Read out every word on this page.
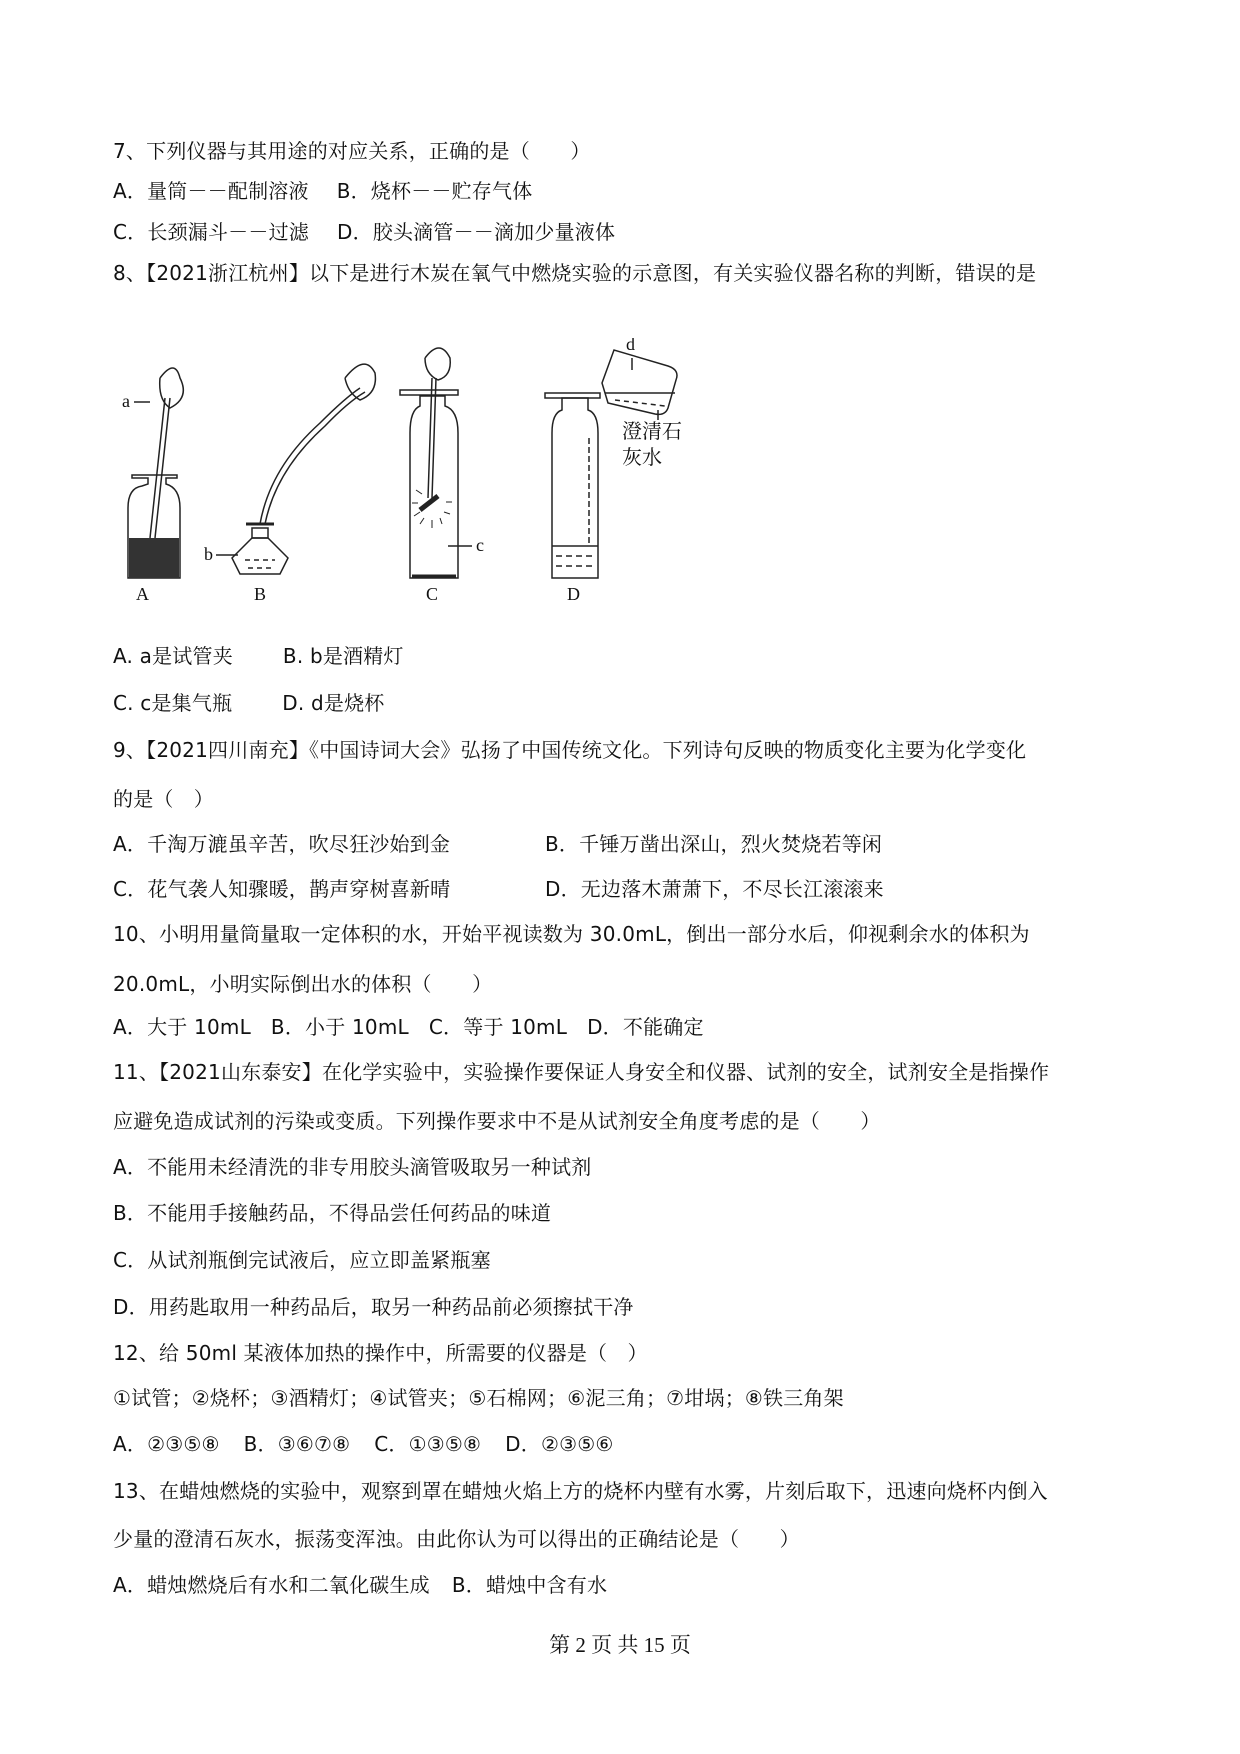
7、下列仪器与其用途的对应关系，正确的是（　　）
A．量筒－－配制溶液 B．烧杯－－贮存气体
C．长颈漏斗－－过滤 D．胶头滴管－－滴加少量液体
8、【2021浙江杭州】以下是进行木炭在氧气中燃烧实验的示意图，有关实验仪器名称的判断，错误的是
a
b	c
d
A	B	C	D
澄清石
灰水
A. a是试管夹	B. b是酒精灯
C. c是集气瓶	D. d是烧杯
9、【2021四川南充】《中国诗词大会》弘扬了中国传统文化。下列诗句反映的物质变化主要为化学变化
的是（　）
A．千淘万漉虽辛苦，吹尽狂沙始到金	B．千锤万凿出深山，烈火焚烧若等闲
C．花气袭人知骤暖，鹊声穿树喜新晴	D．无边落木萧萧下，不尽长江滚滚来
10、小明用量筒量取一定体积的水，开始平视读数为 30.0mL，倒出一部分水后，仰视剩余水的体积为
20.0mL，小明实际倒出水的体积（　　）
A．大于 10mL B．小于 10mL C．等于 10mL D．不能确定
11、【2021山东泰安】在化学实验中，实验操作要保证人身安全和仪器、试剂的安全，试剂安全是指操作
应避免造成试剂的污染或变质。下列操作要求中不是从试剂安全角度考虑的是（　　）
A．不能用未经清洗的非专用胶头滴管吸取另一种试剂
B．不能用手接触药品，不得品尝任何药品的味道
C．从试剂瓶倒完试液后，应立即盖紧瓶塞
D．用药匙取用一种药品后，取另一种药品前必须擦拭干净
12、给 50ml 某液体加热的操作中，所需要的仪器是（　）
①试管；②烧杯；③酒精灯；④试管夹；⑤石棉网；⑥泥三角；⑦坩埚；⑧铁三角架
A．②③⑤⑧ B．③⑥⑦⑧ C．①③⑤⑧ D．②③⑤⑥
13、在蜡烛燃烧的实验中，观察到罩在蜡烛火焰上方的烧杯内壁有水雾，片刻后取下，迅速向烧杯内倒入
少量的澄清石灰水，振荡变浑浊。由此你认为可以得出的正确结论是（　　）
A．蜡烛燃烧后有水和二氧化碳生成 B．蜡烛中含有水
第 2 页 共 15 页
